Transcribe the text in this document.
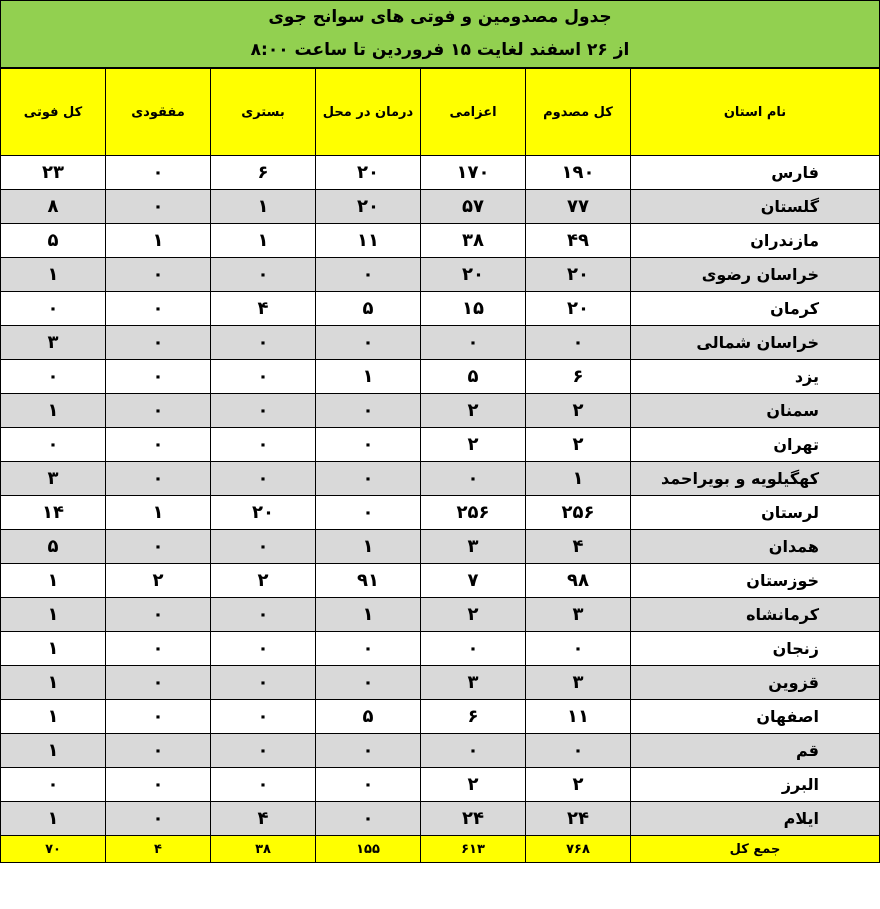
جدول مصدومین و فوتی های سوانح جوی
از ۲۶ اسفند لغایت ۱۵ فروردین تا ساعت ۸:۰۰
نام استان	کل مصدوم	اعزامی	درمان در محل	بستری	مفقودی	کل فوتی
فارس	۱۹۰	۱۷۰	۲۰	۶	۰	۲۳
گلستان	۷۷	۵۷	۲۰	۱	۰	۸
مازندران	۴۹	۳۸	۱۱	۱	۱	۵
خراسان رضوی	۲۰	۲۰	۰	۰	۰	۱
کرمان	۲۰	۱۵	۵	۴	۰	۰
خراسان شمالی	۰	۰	۰	۰	۰	۳
یزد	۶	۵	۱	۰	۰	۰
سمنان	۲	۲	۰	۰	۰	۱
تهران	۲	۲	۰	۰	۰	۰
کهگیلویه و بویراحمد	۱	۰	۰	۰	۰	۳
لرستان	۲۵۶	۲۵۶	۰	۲۰	۱	۱۴
همدان	۴	۳	۱	۰	۰	۵
خوزستان	۹۸	۷	۹۱	۲	۲	۱
کرمانشاه	۳	۲	۱	۰	۰	۱
زنجان	۰	۰	۰	۰	۰	۱
قزوین	۳	۳	۰	۰	۰	۱
اصفهان	۱۱	۶	۵	۰	۰	۱
قم	۰	۰	۰	۰	۰	۱
البرز	۲	۲	۰	۰	۰	۰
ایلام	۲۴	۲۴	۰	۴	۰	۱
جمع کل	۷۶۸	۶۱۳	۱۵۵	۳۸	۴	۷۰
